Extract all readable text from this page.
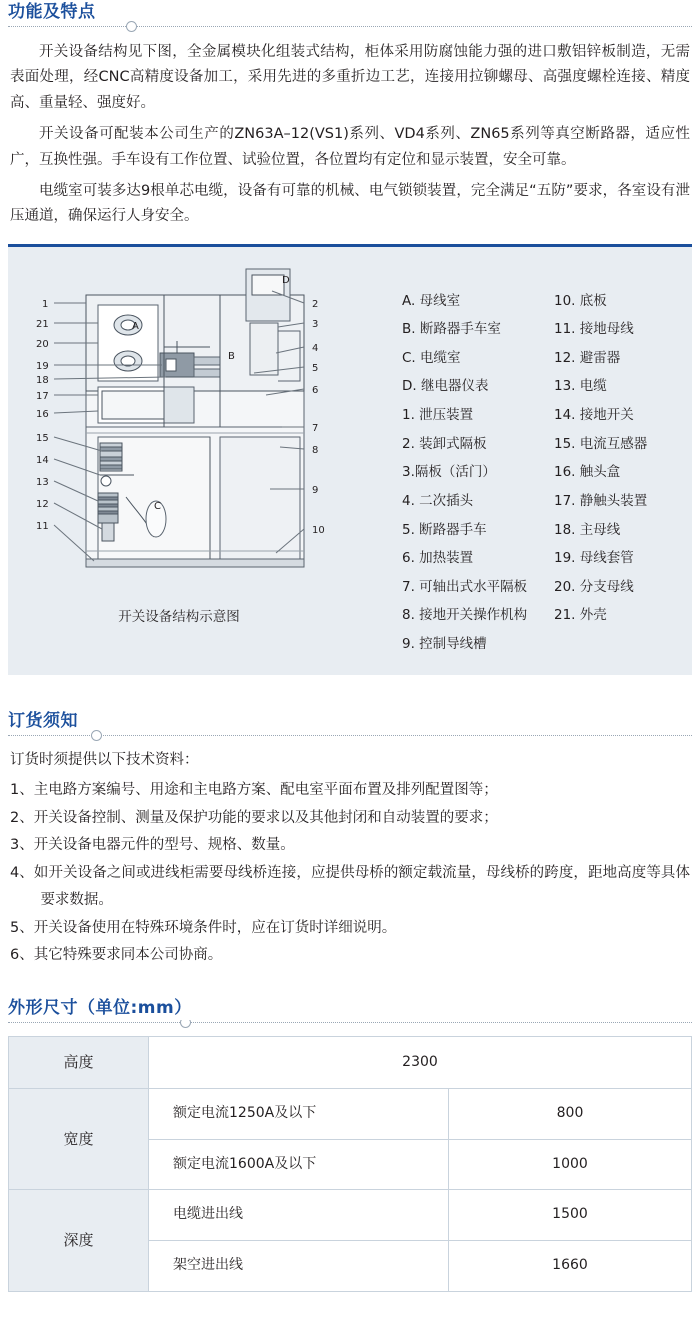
功能及特点

开关设备结构见下图，全金属模块化组装式结构，柜体采用防腐蚀能力强的进口敷铝锌板制造，无需表面处理，经CNC高精度设备加工，采用先进的多重折边工艺，连接用拉铆螺母、高强度螺栓连接、精度高、重量轻、强度好。

开关设备可配装本公司生产的ZN63A–12(VS1)系列、VD4系列、ZN65系列等真空断路器，适应性广，互换性强。手车设有工作位置、试验位置，各位置均有定位和显示装置，安全可靠。

电缆室可装多达9根单芯电缆，设备有可靠的机械、电气锁锁装置，完全满足“五防”要求，各室设有泄压通道，确保运行人身安全。

1
21
20
19
18
17
16
15
14
13
12
11
2
3
4
5
6
7
8
9
10
A
B
C
D
开关设备结构示意图
A. 母线室
B. 断路器手车室
C. 电缆室
D. 继电器仪表
1. 泄压装置
2. 装卸式隔板
3.隔板（活门）
4. 二次插头
5. 断路器手车
6. 加热装置
7. 可轴出式水平隔板
8. 接地开关操作机构
9. 控制导线槽
10. 底板
11. 接地母线
12. 避雷器
13. 电缆
14. 接地开关
15. 电流互感器
16. 触头盒
17. 静触头装置
18. 主母线
19. 母线套管
20. 分支母线
21. 外壳
订货须知

订货时须提供以下技术资料：

1、主电路方案编号、用途和主电路方案、配电室平面布置及排列配置图等；
2、开关设备控制、测量及保护功能的要求以及其他封闭和自动装置的要求；
3、开关设备电器元件的型号、规格、数量。
4、如开关设备之间或进线柜需要母线桥连接，应提供母桥的额定载流量，母线桥的跨度，距地高度等具体要求数据。
5、开关设备使用在特殊环境条件时，应在订货时详细说明。
6、其它特殊要求同本公司协商。
外形尺寸（单位:mm）
高度	2300	
宽度	额定电流1250A及以下	800
	额定电流1600A及以下	1000
深度	电缆进出线	1500
	架空进出线	1660
